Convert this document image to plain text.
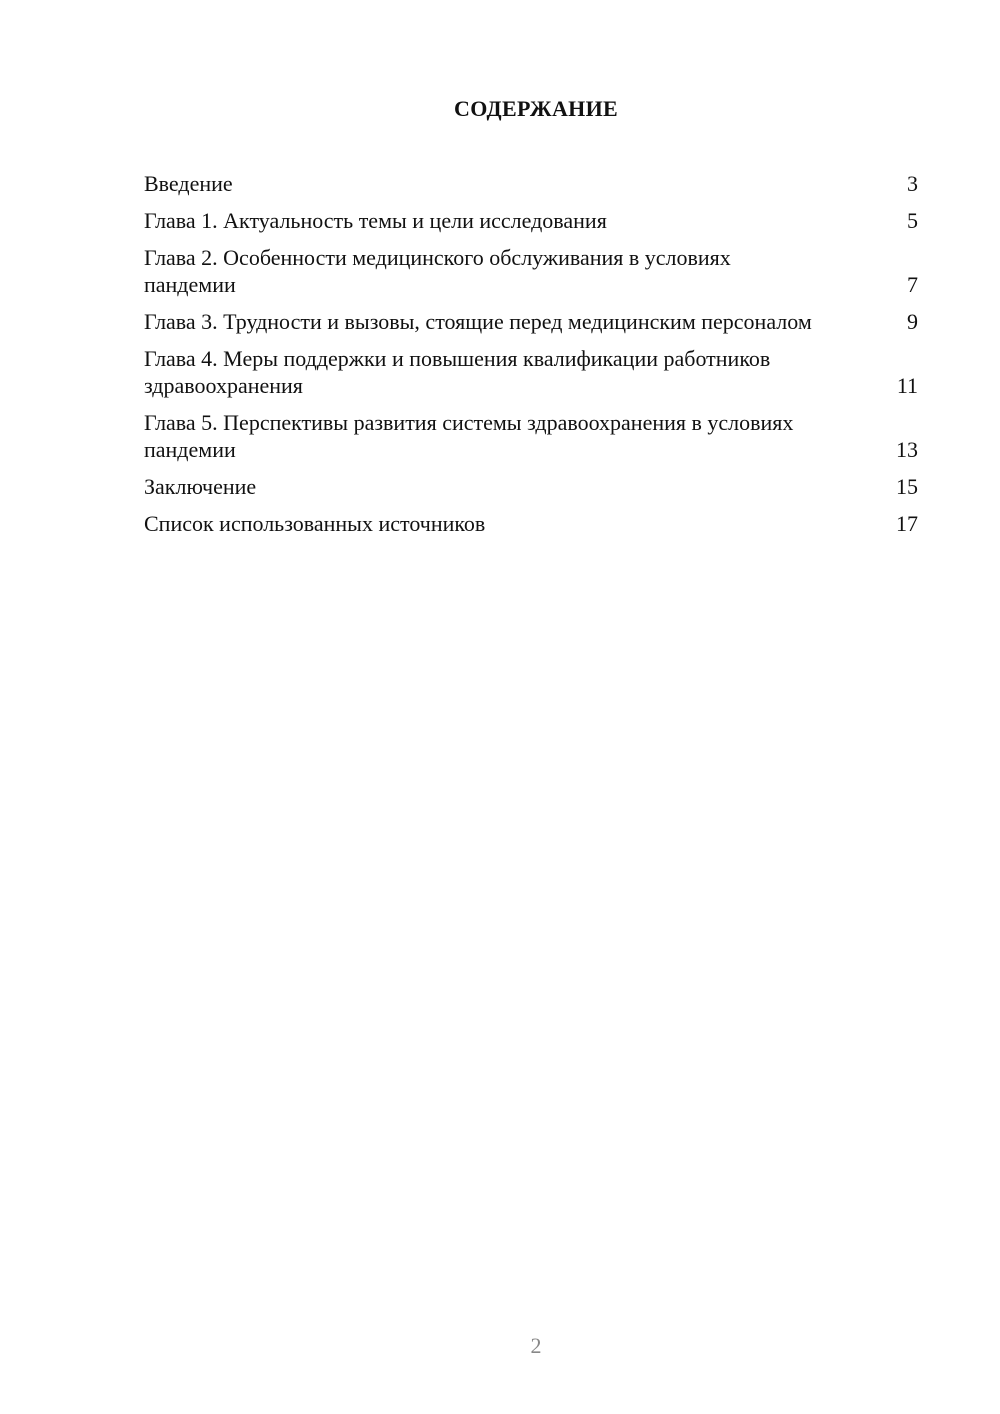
СОДЕРЖАНИЕ
Введение	3
Глава 1. Актуальность темы и цели исследования	5
Глава 2. Особенности медицинского обслуживания в условиях пандемии	7
Глава 3. Трудности и вызовы, стоящие перед медицинским персоналом	9
Глава 4. Меры поддержки и повышения квалификации работников здравоохранения	11
Глава 5. Перспективы развития системы здравоохранения в условиях пандемии	13
Заключение	15
Список использованных источников	17
2
